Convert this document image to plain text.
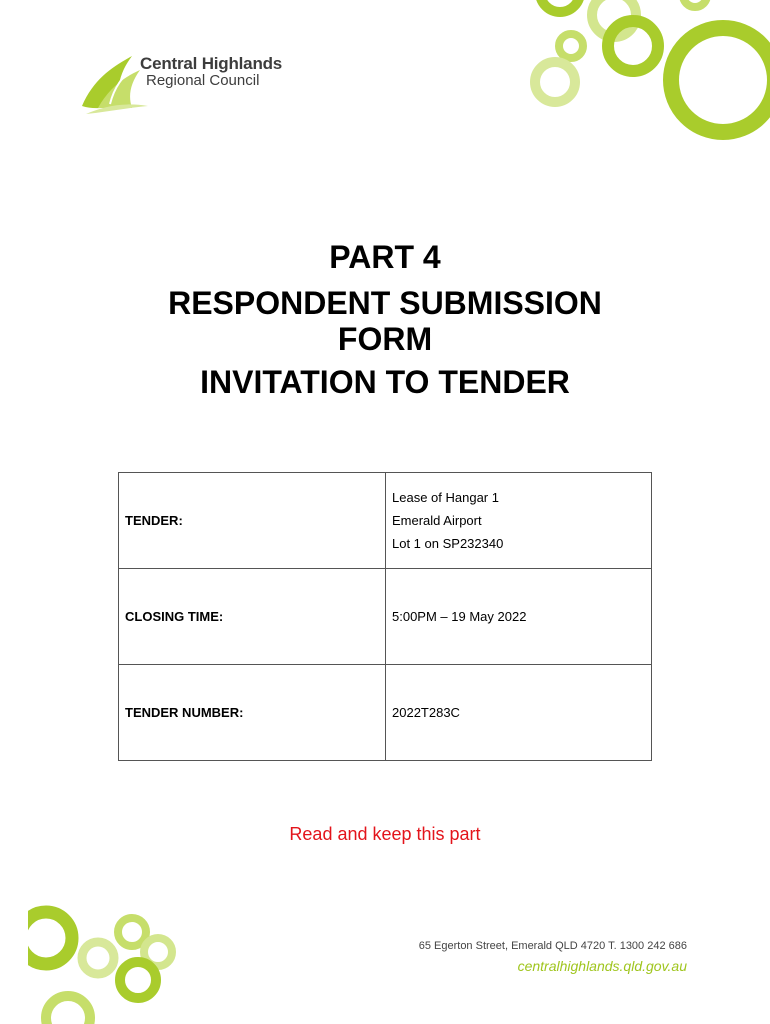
Central Highlands
Regional Council
PART 4
RESPONDENT SUBMISSION
FORM
INVITATION TO TENDER
TENDER:	Lease of Hangar 1
Emerald Airport
Lot 1 on SP232340

CLOSING TIME:	5:00PM – 19 May 2022
TENDER NUMBER:	2022T283C
Read and keep this part
65 Egerton Street, Emerald QLD 4720 T. 1300 242 686
centralhighlands.qld.gov.au
